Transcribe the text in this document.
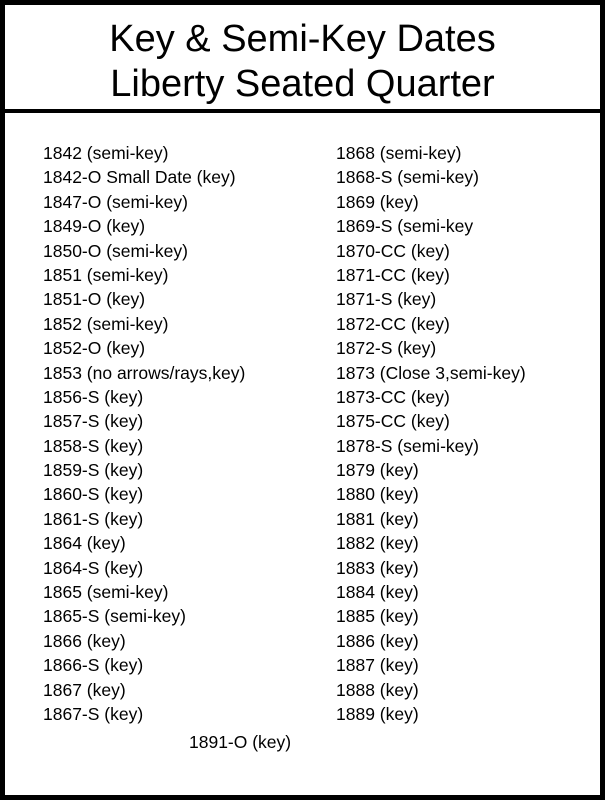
Key & Semi-Key Dates
Liberty Seated Quarter
1842 (semi-key)
1842-O Small Date (key)
1847-O (semi-key)
1849-O (key)
1850-O (semi-key)
1851 (semi-key)
1851-O (key)
1852 (semi-key)
1852-O (key)
1853 (no arrows/rays,key)
1856-S (key)
1857-S (key)
1858-S (key)
1859-S (key)
1860-S (key)
1861-S (key)
1864 (key)
1864-S (key)
1865 (semi-key)
1865-S (semi-key)
1866 (key)
1866-S (key)
1867 (key)
1867-S (key)
1868 (semi-key)
1868-S (semi-key)
1869 (key)
1869-S (semi-key
1870-CC (key)
1871-CC (key)
1871-S (key)
1872-CC (key)
1872-S (key)
1873 (Close 3,semi-key)
1873-CC (key)
1875-CC (key)
1878-S (semi-key)
1879 (key)
1880 (key)
1881 (key)
1882 (key)
1883 (key)
1884 (key)
1885 (key)
1886 (key)
1887 (key)
1888 (key)
1889 (key)
1891-O (key)
